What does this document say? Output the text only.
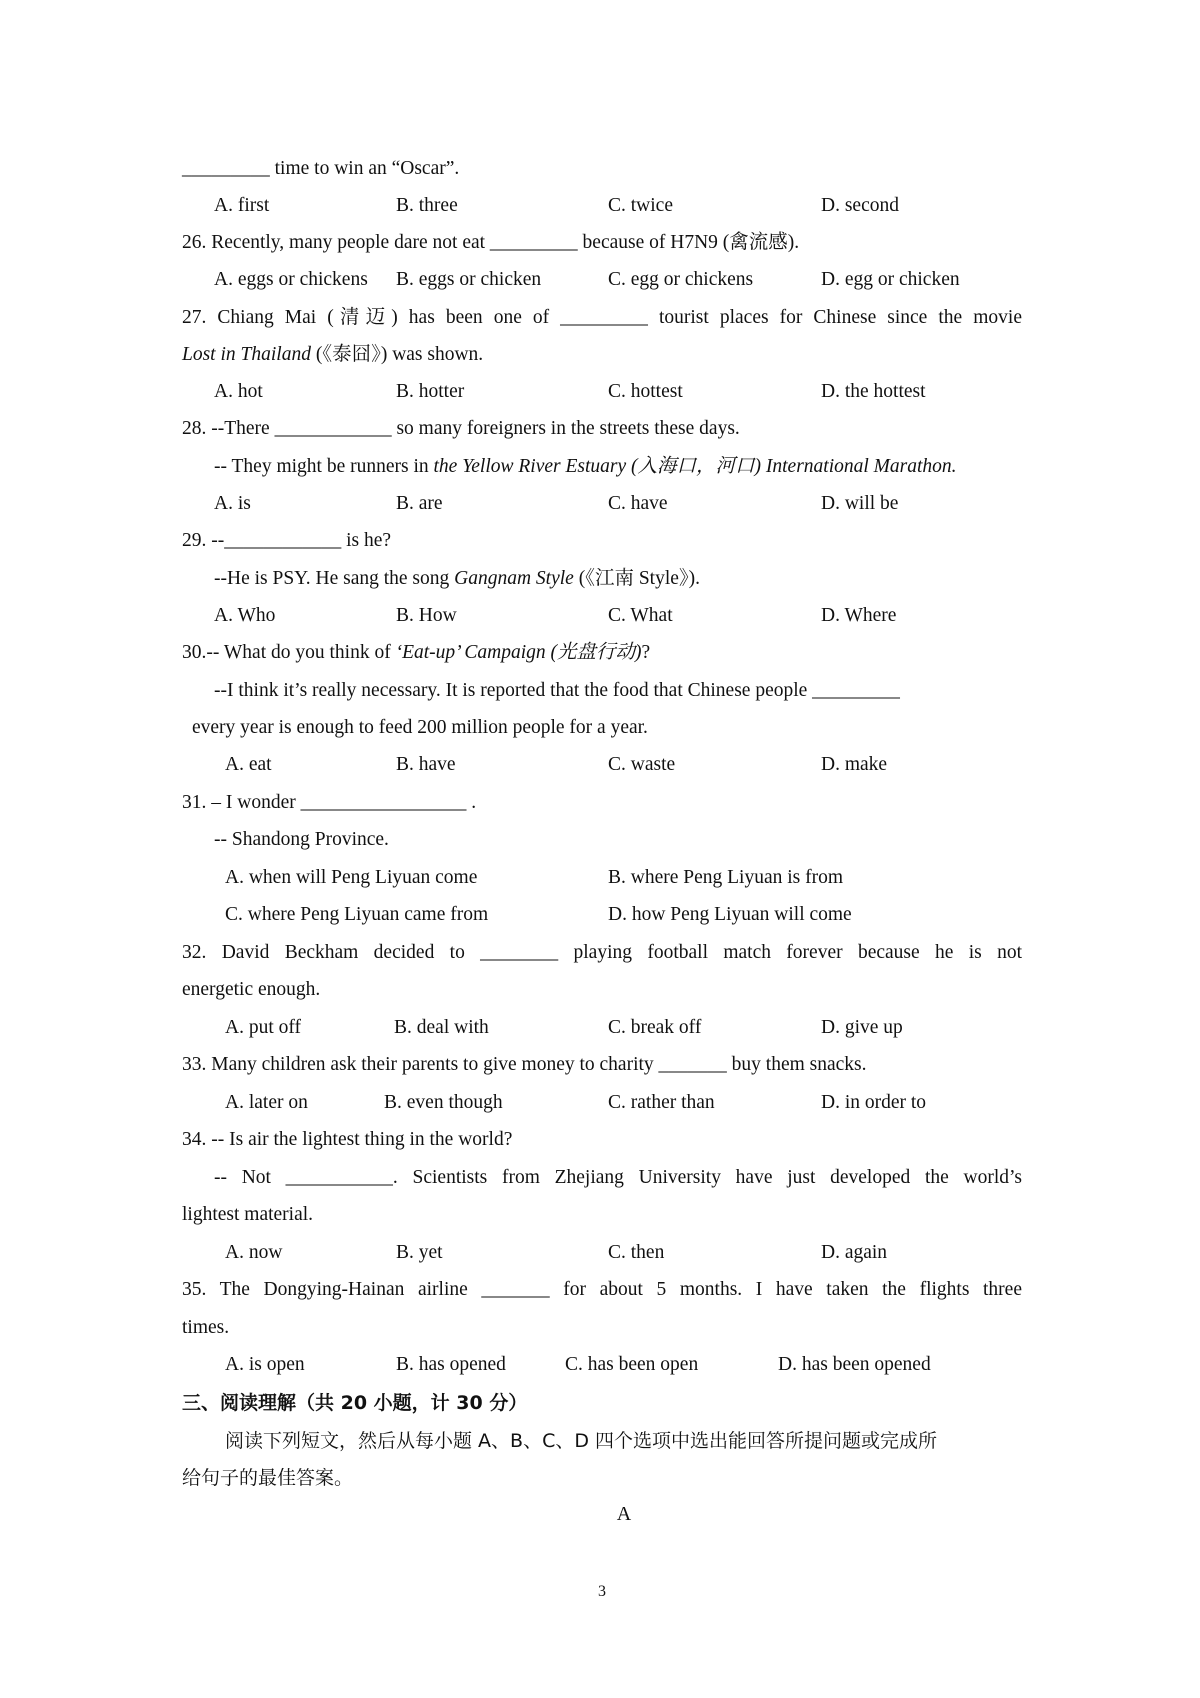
_________ time to win an “Oscar”.
A. first	B. three	C. twice	D. second
26. Recently, many people dare not eat _________ because of H7N9 (禽流感).
A. eggs or chickens B. eggs or chicken	C. egg or chickens	D. egg or chicken
27. Chiang Mai (清迈) has been one of _________ tourist places for Chinese since the movie
Lost in Thailand (《泰囧》) was shown.
A. hot	B. hotter	C. hottest	D. the hottest
28. --There ____________ so many foreigners in the streets these days.
-- They might be runners in the Yellow River Estuary (入海口，河口) International Marathon.
A. is	B. are	C. have	D. will be
29. --____________ is he?
--He is PSY. He sang the song Gangnam Style (《江南 Style》).
A. Who	B. How	C. What	D. Where
30.-- What do you think of ‘Eat-up’ Campaign (光盘行动)?
--I think it’s really necessary. It is reported that the food that Chinese people _________
every year is enough to feed 200 million people for a year.
A. eat	B. have	C. waste	D. make
31. – I wonder _________________ .
-- Shandong Province.
A. when will Peng Liyuan come	B. where Peng Liyuan is from
C. where Peng Liyuan came from	D. how Peng Liyuan will come
32. David Beckham decided to ________ playing football match forever because he is not
energetic enough.
A. put off	B. deal with	C. break off	D. give up
33. Many children ask their parents to give money to charity _______ buy them snacks.
A. later on	B. even though	C. rather than	D. in order to
34. -- Is air the lightest thing in the world?
-- Not ___________. Scientists from Zhejiang University have just developed the world’s
lightest material.
A. now	B. yet	C. then	D. again
35. The Dongying-Hainan airline _______ for about 5 months. I have taken the flights three
times.
A. is open	B. has opened	C. has been open	D. has been opened
三、阅读理解（共 20 小题，计 30 分）
阅读下列短文，然后从每小题 A、B、C、D 四个选项中选出能回答所提问题或完成所
给句子的最佳答案。
A
3
